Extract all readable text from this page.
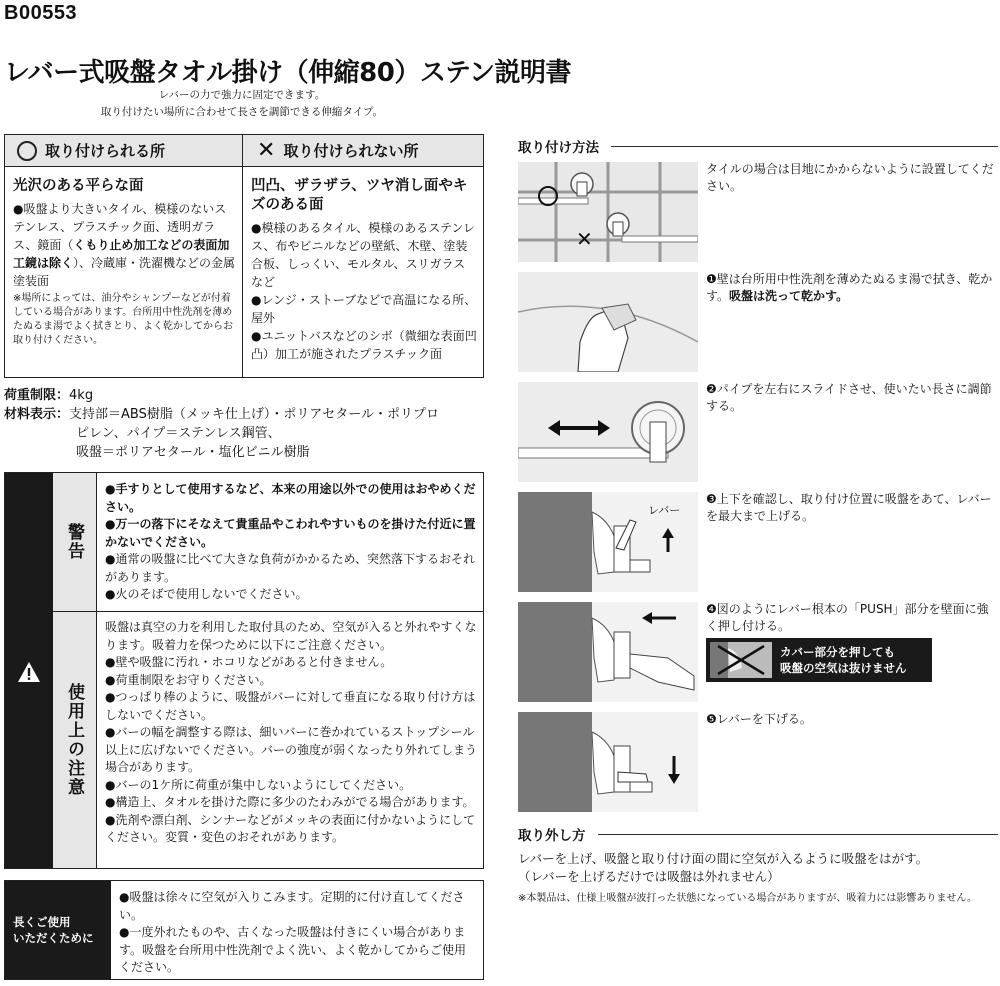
B00553
レバー式吸盤タオル掛け（伸縮80）ステン説明書
レバーの力で強力に固定できます。
取り付けたい場所に合わせて長さを調節できる伸縮タイプ。
取り付けられる所	✕ 取り付けられない所
光沢のある平らな面

●吸盤より大きいタイル、模様のないステンレス、プラスチック面、透明ガラス、鏡面（くもり止め加工などの表面加工鏡は除く）、冷蔵庫・洗濯機などの金属塗装面

※場所によっては、油分やシャンプーなどが付着している場合があります。台所用中性洗剤を薄めたぬるま湯でよく拭きとり、よく乾かしてからお取り付けください。

凹凸、ザラザラ、ツヤ消し面やキズのある面

●模様のあるタイル、模様のあるステンレス、布やビニルなどの壁紙、木壁、塗装合板、しっくい、モルタル、スリガラスなど

●レンジ・ストーブなどで高温になる所、屋外

●ユニットバスなどのシボ（微細な表面凹凸）加工が施されたプラスチック面

荷重制限：4kg
材料表示：支持部＝ABS樹脂（メッキ仕上げ）・ポリアセタール・ポリプロ
ピレン、パイプ＝ステンレス鋼管、
吸盤＝ポリアセタール・塩化ビニル樹脂
警告
使用上の注意

●手すりとして使用するなど、本来の用途以外での使用はおやめください。

●万一の落下にそなえて貴重品やこわれやすいものを掛けた付近に置かないでください。

●通常の吸盤に比べて大きな負荷がかかるため、突然落下するおそれがあります。

●火のそばで使用しないでください。

吸盤は真空の力を利用した取付具のため、空気が入ると外れやすくなります。吸着力を保つために以下にご注意ください。

●壁や吸盤に汚れ・ホコリなどがあると付きません。

●荷重制限をお守りください。

●つっぱり棒のように、吸盤がバーに対して垂直になる取り付け方はしないでください。

●バーの幅を調整する際は、細いバーに巻かれているストップシール以上に広げないでください。バーの強度が弱くなったり外れてしまう場合があります。

●バーの1ケ所に荷重が集中しないようにしてください。

●構造上、タオルを掛けた際に多少のたわみがでる場合があります。

●洗剤や漂白剤、シンナーなどがメッキの表面に付かないようにしてください。変質・変色のおそれがあります。

長くご使用
いただくために

●吸盤は徐々に空気が入りこみます。定期的に付け直してください。

●一度外れたものや、古くなった吸盤は付きにくい場合があります。吸盤を台所用中性洗剤でよく洗い、よく乾かしてからご使用ください。

取り付け方法
✕
タイルの場合は目地にかからないように設置してください。

❶壁は台所用中性洗剤を薄めたぬるま湯で拭き、乾かす。吸盤は洗って乾かす。

❷パイプを左右にスライドさせ、使いたい長さに調節する。
レバー
❸上下を確認し、取り付け位置に吸盤をあて、レバーを最大まで上げる。
❹図のようにレバー根本の「PUSH」部分を壁面に強く押し付ける。
カバー部分を押しても
吸盤の空気は抜けません
❺レバーを下げる。
取り外し方

レバーを上げ、吸盤と取り付け面の間に空気が入るように吸盤をはがす。

（レバーを上げるだけでは吸盤は外れません）

※本製品は、仕様上吸盤が波打った状態になっている場合がありますが、吸着力には影響ありません。
